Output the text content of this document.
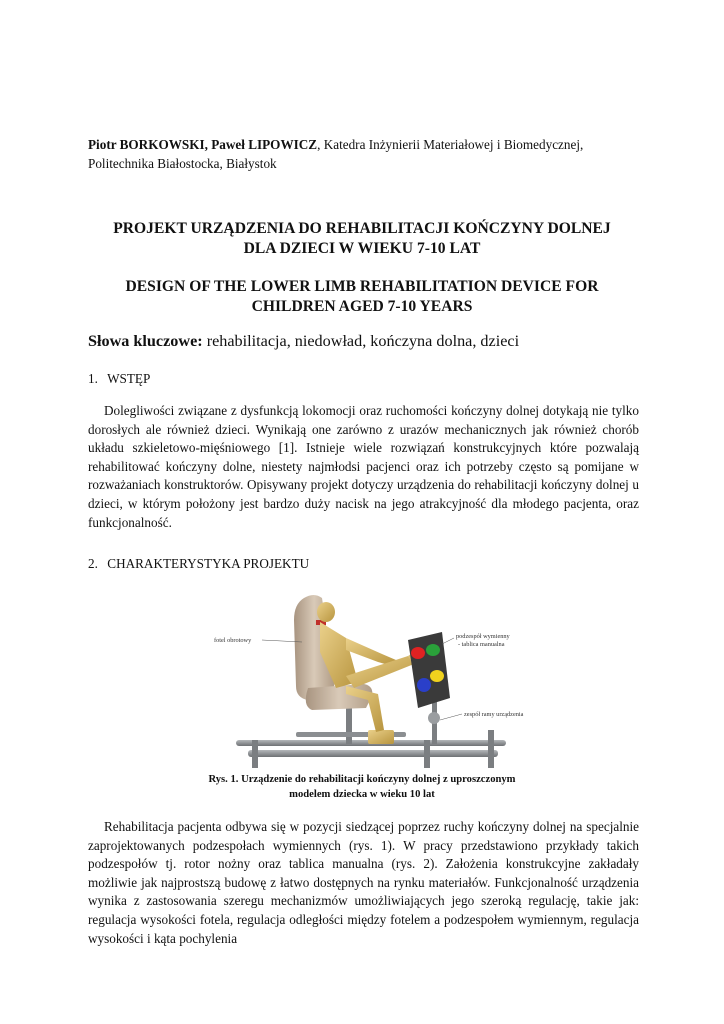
Piotr BORKOWSKI, Paweł LIPOWICZ, Katedra Inżynierii Materiałowej i Biomedycznej,
Politechnika Białostocka, Białystok
PROJEKT URZĄDZENIA DO REHABILITACJI KOŃCZYNY DOLNEJ
DLA DZIECI W WIEKU 7-10 LAT
DESIGN OF THE LOWER LIMB REHABILITATION DEVICE FOR
CHILDREN AGED 7-10 YEARS
Słowa kluczowe: rehabilitacja, niedowład, kończyna dolna, dzieci
1. WSTĘP

Dolegliwości związane z dysfunkcją lokomocji oraz ruchomości kończyny dolnej dotykają nie tylko dorosłych ale również dzieci. Wynikają one zarówno z urazów mechanicznych jak również chorób układu szkieletowo-mięśniowego [1]. Istnieje wiele rozwiązań konstrukcyjnych które pozwalają rehabilitować kończyny dolne, niestety najmłodsi pacjenci oraz ich potrzeby często są pomijane w rozważaniach konstruktorów. Opisywany projekt dotyczy urządzenia do rehabilitacji kończyny dolnej u dzieci, w którym położony jest bardzo duży nacisk na jego atrakcyjność dla młodego pacjenta, oraz funkcjonalność.

2. CHARAKTERYSTYKA PROJEKTU
fotel obrotowy
podzespół wymienny
- tablica manualna
zespół ramy urządzenia
Rys. 1. Urządzenie do rehabilitacji kończyny dolnej z uproszczonym
modelem dziecka w wieku 10 lat

Rehabilitacja pacjenta odbywa się w pozycji siedzącej poprzez ruchy kończyny dolnej na specjalnie zaprojektowanych podzespołach wymiennych (rys. 1). W pracy przedstawiono przykłady takich podzespołów tj. rotor nożny oraz tablica manualna (rys. 2). Założenia konstrukcyjne zakładały możliwie jak najprostszą budowę z łatwo dostępnych na rynku materiałów. Funkcjonalność urządzenia wynika z zastosowania szeregu mechanizmów umożliwiających jego szeroką regulację, takie jak: regulacja wysokości fotela, regulacja odległości między fotelem a podzespołem wymiennym, regulacja wysokości i kąta pochylenia
